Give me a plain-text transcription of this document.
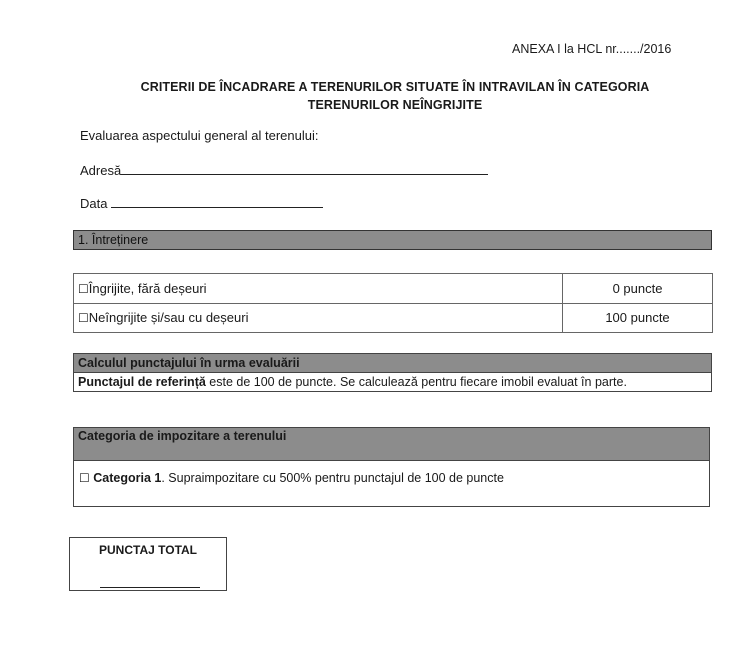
ANEXA I la HCL nr......./2016
CRITERII DE ÎNCADRARE A TERENURILOR SITUATE ÎN INTRAVILAN ÎN CATEGORIA TERENURILOR NEÎNGRIJITE
Evaluarea aspectului general al terenului:
Adresă
Data
1. Întreținere
☐Îngrijite, fără deșeuri	0 puncte
☐Neîngrijite și/sau cu deșeuri	100 puncte
Calculul punctajului în urma evaluării
Punctajul de referință este de 100 de puncte. Se calculează pentru fiecare imobil evaluat în parte.
Categoria de impozitare a terenului
☐ Categoria 1. Supraimpozitare cu 500% pentru punctajul de 100 de puncte
PUNCTAJ TOTAL
